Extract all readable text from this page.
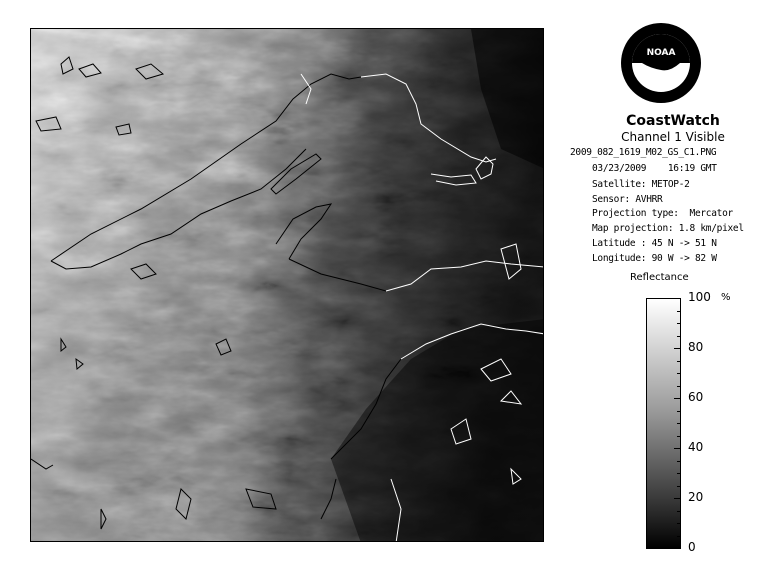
NOAA
CoastWatch
Channel 1 Visible
2009_082_1619_M02_GS_C1.PNG
03/23/2009    16:19 GMT
Satellite: METOP-2
Sensor: AVHRR
Projection type:  Mercator
Map projection: 1.8 km/pixel
Latitude : 45 N -> 51 N
Longitude: 90 W -> 82 W
Reflectance
%
100
80
60
40
20
0
